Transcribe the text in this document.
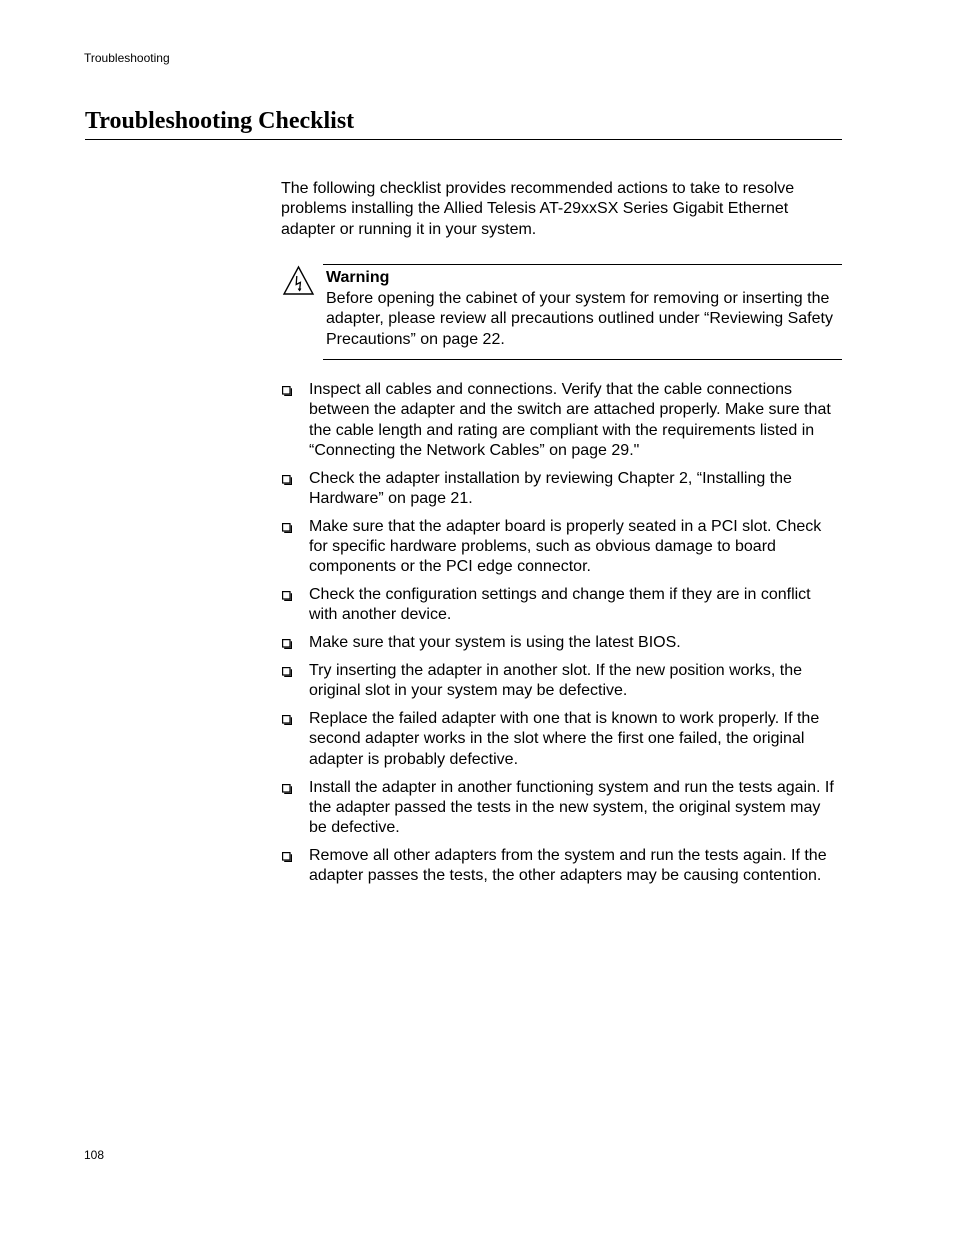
Troubleshooting
Troubleshooting Checklist

The following checklist provides recommended actions to take to resolve problems installing the Allied Telesis AT-29xxSX Series Gigabit Ethernet adapter or running it in your system.

Warning

Before opening the cabinet of your system for removing or inserting the adapter, please review all precautions outlined under “Reviewing Safety Precautions” on page 22.

Inspect all cables and connections. Verify that the cable connections between the adapter and the switch are attached properly. Make sure that the cable length and rating are compliant with the requirements listed in “Connecting the Network Cables” on page 29."
Check the adapter installation by reviewing Chapter 2, “Installing the Hardware” on page 21.
Make sure that the adapter board is properly seated in a PCI slot. Check for specific hardware problems, such as obvious damage to board components or the PCI edge connector.
Check the configuration settings and change them if they are in conflict with another device.
Make sure that your system is using the latest BIOS.
Try inserting the adapter in another slot. If the new position works, the original slot in your system may be defective.
Replace the failed adapter with one that is known to work properly. If the second adapter works in the slot where the first one failed, the original adapter is probably defective.
Install the adapter in another functioning system and run the tests again. If the adapter passed the tests in the new system, the original system may be defective.
Remove all other adapters from the system and run the tests again. If the adapter passes the tests, the other adapters may be causing contention.
108
